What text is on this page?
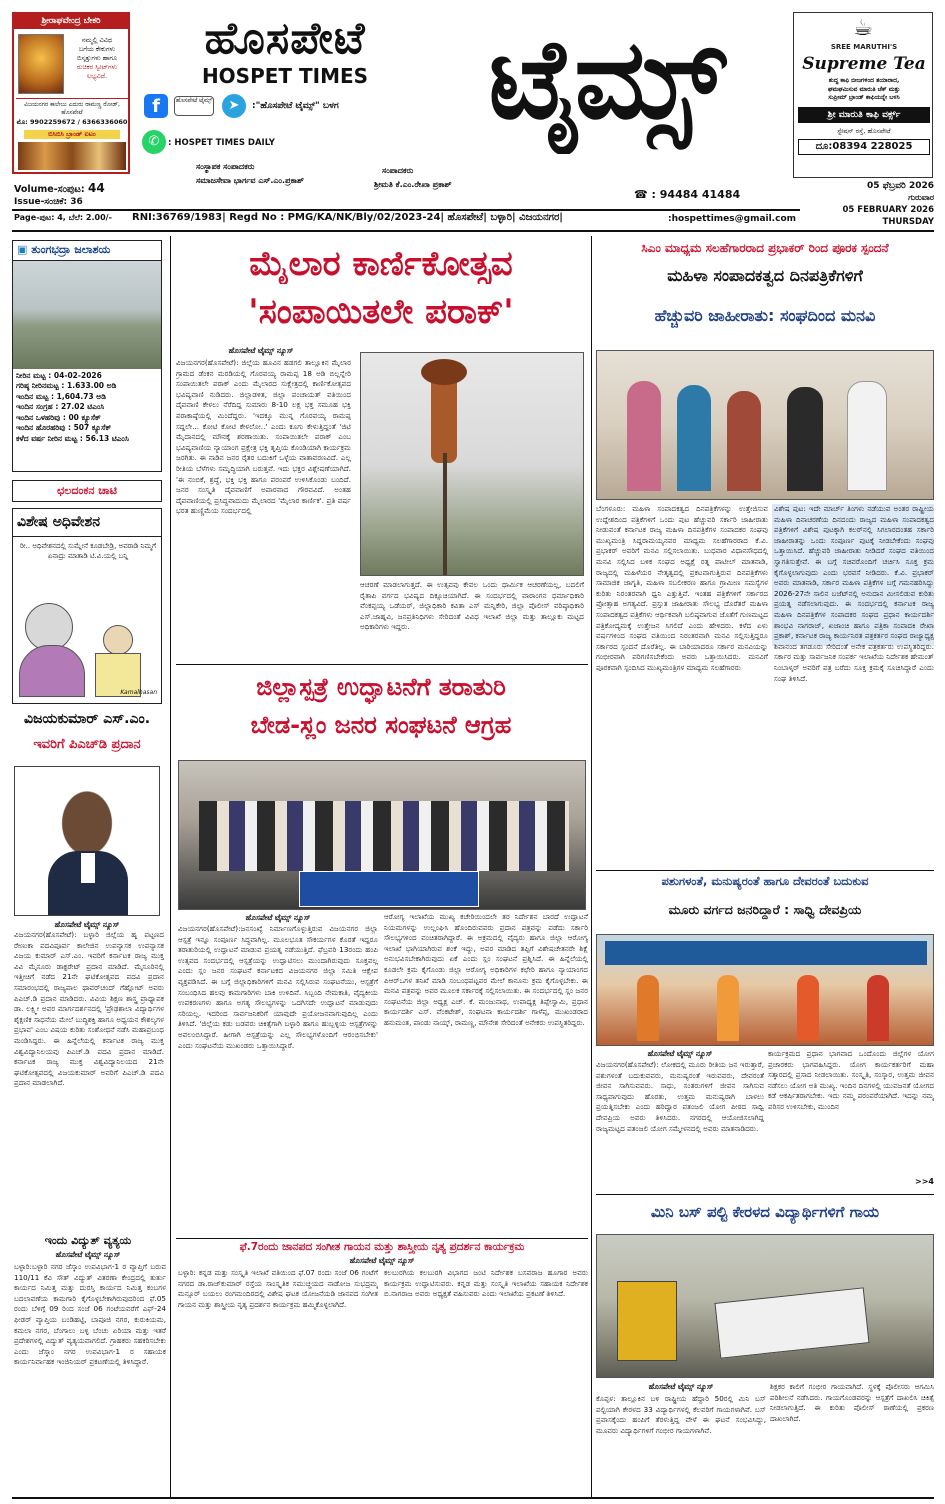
ಶ್ರೀರಾಘವೇಂದ್ರ ಬೇಕರಿ
ನಮ್ಮಲ್ಲಿ ವಿವಿಧ
ಬಗೆಯ ಕೇಕುಗಳು
ಬಿಸ್ಕತ್ತುಗಳು ಹಾಗೂ
ರುಚಿಕರ ಸ್ವೀಟ್‌ಗಳು ಲಭ್ಯವಿದೆ.
ವಿಜಯನಗರ ಕಾಲೇಜು ಎದುರು ರಾಮಣ್ಣ ರೋಡ್, ಹೊಸಪೇಟೆ
ಮೊ: 9902259672 / 6366336060
ಬಿಸಿಬಿಸಿ ಬ್ರಾಂಡ್ ಐಟಂ
ಹೊಸಪೇಟೆ
HOSPET TIMES
f	ಹೊಸಪೇಟೆ ಟೈಮ್ಸ್	➤	:"ಹೊಸಪೇಟೆ ಟೈಮ್ಸ್" ಬಳಗ
✆	: HOSPET TIMES DAILY	ಟೈಮ್ಸ್	☕
SREE MARUTHI'S
Supreme Tea
ಶುದ್ಧ ಕಾಫಿ ಬೀಜಗಳಿಂದ ತಯಾರಾದ,
ಘಮಘಮಿಸುವ ಮಾರುತಿ ಚೆಕ್ ಮತ್ತು
ಸುಪ್ರೀಮ್ ಬ್ರಾಂಡ್ ಕಾಫಿಯನ್ನೇ ಬಳಸಿ
ಶ್ರೀ ಮಾರುತಿ ಕಾಫಿ ವರ್ಕ್ಸ್
ಸ್ಟೇಷನ್ ರಸ್ತೆ, ಹೊಸಪೇಟೆ
ದೂ:08394 228025
ಸಂಸ್ಥಾಪಕ ಸಂಪಾದಕರು
ಸಮಾಜಸೇವಾ ಭಾರ್ಗವ ಎಸ್.ಎಂ.ಪ್ರಕಾಶ್
ಸಂಪಾದಕರು
ಶ್ರೀಮತಿ ಕೆ.ಎಂ.ರೇಖಾ ಪ್ರಕಾಶ್
☎ : 94484 41484
Volume-ಸಂಪುಟ: 44
Issue-ಸಂಚಿಕೆ: 36
05 ಫೆಬ್ರವರಿ 2026
ಗುರುವಾರ
05 FEBRUARY 2026
Page-ಪುಟ: 4, ಬೆಲೆ: 2.00/-	RNI:36769/1983| Regd No : PMG/KA/NK/Bly/02/2023-24| ಹೊಸಪೇಟೆ| ಬಳ್ಳಾರಿ| ವಿಜಯನಗರ|	:hospettimes@gmail.com	THURSDAY
▣ ತುಂಗಭದ್ರಾ ಜಲಾಶಯ
ನೀರಿನ ಮಟ್ಟ : 04-02-2026
ಗರಿಷ್ಠ ನೀರಿನಮಟ್ಟ : 1.633.00 ಅಡಿ
ಇಂದಿನ ಮಟ್ಟ : 1,604.73 ಅಡಿ
ಇಂದಿನ ಸಂಗ್ರಹ : 27.02 ಟಿಎಂಸಿ
ಇಂದಿನ ಒಳಹರಿವು : 00 ಕ್ಯೂಸೆಕ್
ಇಂದಿನ ಹೊರಹರಿವು : 507 ಕ್ಯೂಸೆಕ್
ಕಳೆದ ವರ್ಷ ನೀರಿನ ಮಟ್ಟ : 56.13 ಟಿಎಂಸಿ
ಛಲದಂಕನ ಚಾಟಿ
ವಿಶೇಷ ಅಧಿವೇಶನ
ರೀ.. ಅಧಿವೇಶನದಲ್ಲಿ ಸುಮ್ನೇನೆ ಕೂಡಬೇಡ್ರಿ, ಅವರಾಡಿ ನಿಮ್ಮಗೆ ಏನಾದ್ರು ಮಾತಾಡಿ ಟಿ.ವಿ.ಯಲ್ಲಿ ಬನ್ನಿ
Kamalhasan
ವಿಜಯಕುಮಾರ್ ಎಸ್.ಎಂ.
ಇವರಿಗೆ ಪಿಎಚ್‌ಡಿ ಪ್ರದಾನ
ಹೊಸಪೇಟೆ ಟೈಮ್ಸ್ ನ್ಯೂಸ್
ವಿಜಯನಗರ(ಹೊಸಪೇಟೆ): ಬಳ್ಳಾರಿ ಜಿಲ್ಲೆಯ ಹೃ ಪಟ್ಟಣದ ರೇಣುಕಾ ಪದವಿಪೂರ್ವ ಕಾಲೇಜಿನ ಉಪನ್ಯಾಸಕ ಉಪನ್ಯಾಸಕ ವಿಜಯ ಕುಮಾರ್ ಎಸ್.ಎಂ. ಇವರಿಗೆ ಕರ್ನಾಟಕ ರಾಜ್ಯ ಮುಕ್ತ ವಿವಿ ಮೈಸೂರು ಡಾಕ್ಟರೇಟ್ ಪ್ರದಾನ ಮಾಡಿದೆ. ಮೈಸೂರಿನಲ್ಲಿ ಇತ್ತೀಚಿಗೆ ನಡೆದ 21ನೇ ಘಟಿಕೋತ್ಸವದ ಪದವಿ ಪ್ರದಾನ ಸಮಾರಂಭದಲ್ಲಿ ರಾಜ್ಯಪಾಲ ಥಾವರ್‌ಚಂದ್ ಗೆಹ್ಲೋಟ್ ಅವರು ಪಿಎಚ್.ಡಿ ಪ್ರದಾನ ಮಾಡಿದರು. ವಿವಿಯ ಶಿಕ್ಷಣ ಶಾಸ್ತ್ರ ಪ್ರಾಧ್ಯಾಪಕ ಡಾ. ಲಕ್ಷ್ಮೀ ಅವರ ಮಾರ್ಗದರ್ಶನದಲ್ಲಿ 'ಪ್ರೌಢಶಾಲಾ ವಿದ್ಯಾರ್ಥಿಗಳ ಶೈಕ್ಷಣಿಕ ಸಾಧನೆಯ ಮೇಲೆ ಬುದ್ಧಿಶಕ್ತಿ ಹಾಗೂ ಅಧ್ಯಯನ ಕೌಶಲ್ಯಗಳ ಪ್ರಭಾವ' ಎಂಬ ವಿಷಯ ಕುರಿತು ಸಂಶೋಧನೆ ನಡೆಸಿ ಮಹಾಪ್ರಬಂಧ ಮಂಡಿಸಿದ್ದರು. ಈ ಹಿನ್ನೆಲೆಯಲ್ಲಿ ಕರ್ನಾಟಕ ರಾಜ್ಯ ಮುಕ್ತ ವಿಶ್ವವಿದ್ಯಾನಿಲಯವು ಪಿಎಚ್.ಡಿ ಪದವಿ ಪ್ರದಾನ ಮಾಡಿದೆ. ಕರ್ನಾಟಕ ರಾಜ್ಯ ಮುಕ್ತ ವಿಶ್ವವಿದ್ಯಾನಿಲಯದ 21ನೇ ಘಟಿಕೋತ್ಸವದಲ್ಲಿ ವಿಜಯಕುಮಾರ್ ಅವರಿಗೆ ಪಿಎಚ್.ಡಿ ಪದವಿ ಪ್ರದಾನ ಮಾಡಲಾಗಿದೆ.
ಇಂದು ವಿದ್ಯುತ್ ವ್ಯತ್ಯಯ
ಹೊಸಪೇಟೆ ಟೈಮ್ಸ್ ನ್ಯೂಸ್
ಬಳ್ಳಾರಿ:ಬಳ್ಳಾರಿ ನಗರ ಜೆಸ್ಕಾಂ ಉಪವಿಭಾಗ-1 ರ ವ್ಯಾಪ್ತಿಗೆ ಬರುವ 110/11 ಕೆವಿ ಸೌತ್ ವಿದ್ಯುತ್ ವಿತರಣಾ ಕೇಂದ್ರದಲ್ಲಿ ತುರ್ತು ಕಾರ್ಯದ ನಿಮಿತ್ತ ಮತ್ತು ದುರಸ್ತಿ ಕಾರ್ಯದ ನಿಮಿತ್ತ ಕಂಬಗಳ ಬದಲಾವಣೆಯ ಕಾಮಗಾರಿ ಕೈಗೊಳ್ಳಬೇಕಾಗಿರುವುದರಿಂದ ಫೆ.05 ರಂದು ಬೆಳಿಗ್ಗೆ 09 ರಿಂದ ಸಂಜೆ 06 ಗಂಟೆಯವರೆಗೆ ಎಫ್-24 ಫೀಡರ್ ವ್ಯಾಪ್ತಿಯ ಬಂಡಿಹಟ್ಟಿ, ಬಾಪೂಜಿ ನಗರ, ಕುರುಕಿಯಮ, ಕಮಲಾ ನಗರ, ಬೆಂಗಾಲು ಬಳ್ಳಿ ಬೆಂಚು ಏರಿಯಾ ಮತ್ತು ಇತರೆ ಪ್ರದೇಶಗಳಲ್ಲಿ ವಿದ್ಯುತ್ ವ್ಯತ್ಯಯವಾಗಲಿದೆ. ಗ್ರಾಹಕರು ಸಹಕರಿಸಬೇಕು ಎಂದು ಜೆಸ್ಕಾಂ ನಗರ ಉಪವಿಭಾಗ-1 ರ ಸಹಾಯಕ ಕಾರ್ಯನಿರ್ವಾಹಕ ಇಂಜಿನಿಯರ್ ಪ್ರಕಟಣೆಯಲ್ಲಿ ತಿಳಿಸಿದ್ದಾರೆ.
ಮೈಲಾರ ಕಾರ್ಣಿಕೋತ್ಸವ
'ಸಂಪಾಯಿತಲೇ ಪರಾಕ್'
ಹೊಸಪೇಟೆ ಟೈಮ್ಸ್ ನ್ಯೂಸ್
ವಿಜಯನಗರ(ಹೊಸಪೇಟೆ): ಜಿಲ್ಲೆಯ ಹೂವಿನ ಹಡಗಲಿ ತಾಲ್ಲೂಕಿನ ಮೈಲಾರ ಗ್ರಾಮದ ಡೆಂಕನ ಮರಡಿಯಲ್ಲಿ ಗೊರವಯ್ಯ ರಾಮಪ್ಪ 18 ಅಡಿ ಬಿಲ್ಲನ್ನೇರಿ ಸಂಪಾಯಿತಲೇ ಪರಾಕ್ ಎಂದು ಮೈಲಾರದ ಸುಕ್ಷೇತ್ರದಲ್ಲಿ ಕಾರ್ಣಿಕೋತ್ಸವದ ಭವಿಷ್ಯವಾಣಿ ನುಡಿದರು. ಜಿಲ್ಲಾಡಳಿತ, ಜಿಲ್ಲಾ ಪಂಚಾಯತ್ ವತಿಯಿಂದ ದೈವವಾಣಿ ಕೇಳಲು ನೆರೆದಿದ್ದ ಸುಮಾರು 8-10 ಲಕ್ಷ ಭಕ್ತ ಸಮೂಹ ಭಕ್ತಿ ಪರಾಕಾಷ್ಠೆಯಲ್ಲಿ ಮಿಂದೆದ್ದರು. 'ಇದಕ್ಕೂ ಮುನ್ನ ಗೊರವಯ್ಯ ರಾಮಪ್ಪ ಸದ್ದಲೇ... ಕೋಟಿ ಕೋಟಿ ಕೇಳಲೋ..' ಎಂದು ಕೂಗು ಕೇಳುತ್ತಿದ್ದಂತೆ 'ಜಿಟಿ ಮೈದಾನದಲ್ಲಿ ಮೌನಕ್ಕೆ ಶರಣಾಯಿತು. ಸಂಪಾಯಿತಲೇ ಪರಾಕ್ ಎಂಬ ಭವಿಷ್ಯವಾಣಿಯ ನ್ಯಾಯಾಂಗ ಪ್ರಕ್ಷೇತ್ರ ಭಕ್ತಿ ತೃಪ್ತಿಯ ಕೊಂಡಿಯಾಗಿ ಕಾರ್ಯಕ್ರಮ ಜರಗಿತು. ಈ ನಾಡಿನ ಜನರ ರೈತರ ಬದುಕಿಗೆ ಒಳ್ಳೆಯ ವಾತಾವರಣವಿದೆ. ಎಲ್ಲ ರೀತಿಯ ಬೆಳೆಗಳು ಸಮೃದ್ಧಿಯಾಗಿ ಬರುತ್ತವೆ. ಇದು ಭಕ್ತರ ವಿಶ್ಲೇಷಣೆಯಾಗಿದೆ. 'ಈ ನಂಬಿಕೆ, ಶ್ರದ್ಧೆ, ಭಕ್ತಿ ಭಕ್ತಿ ಹಾಗೂ ಪರಂಪರೆ ಉಳಿಸಿಕೊಂಡು ಬಂದಿದೆ. ಜನರ ಸಂಸ್ಕೃತಿ ದೈವವಾಣಿಗೆ ಅಪಾರವಾದ ಗೌರವವಿದೆ. ಅಂತಹ ದೈವವಾಣಿಯಲ್ಲಿ ಪ್ರಸಿದ್ಧವಾದುದು ಮೈಲಾರದ 'ಮೈಲಾರ ಕಾರ್ಣಿಕ'. ಪ್ರತಿ ವರ್ಷ ಭರತ ಹುಣ್ಣಿಮೆಯ ಸಂದರ್ಭದಲ್ಲಿ
ಆಚರಣೆ ಮಾಡಲಾಗುತ್ತದೆ. ಈ ಉತ್ಸವವು ಕೇವಲ ಒಂದು ಧಾರ್ಮಿಕ ಆಚರಣೆಯಲ್ಲ, ಬದಲಿಗೆ ರೈತಾಪಿ ವರ್ಗದ ಭವಿಷ್ಯದ ದಿಕ್ಸೂಚಿಯಾಗಿದೆ. ಈ ಸಂದರ್ಭದಲ್ಲಿ ವಾರಾಂಗನ ಧರ್ಮಾಧಿಕಾರಿ ವೆಂಕಪ್ಪಯ್ಯ ಒಡೆಯರ್, ಜಿಲ್ಲಾಧಿಕಾರಿ ಕವಿತಾ ಎಸ್ ಮನ್ನಿಕೇರಿ, ಜಿಲ್ಲಾ ಪೊಲೀಸ್ ವರಿಷ್ಠಾಧಿಕಾರಿ ಎಸ್.ಜಾಹ್ನವಿ, ಜನಪ್ರತಿನಿಧಿಗಳು ಸೇರಿದಂತೆ ವಿವಿಧ ಇಲಾಖೆ ಜಿಲ್ಲಾ ಮತ್ತು ತಾಲ್ಲೂಕು ಮಟ್ಟದ ಅಧಿಕಾರಿಗಳು ಇದ್ದರು.
ಜಿಲ್ಲಾಸ್ಪತ್ರೆ ಉದ್ಘಾಟನೆಗೆ ತರಾತುರಿ
ಬೇಡ-ಸ್ಲಂ ಜನರ ಸಂಘಟನೆ ಆಗ್ರಹ
ಹೊಸಪೇಟೆ ಟೈಮ್ಸ್ ನ್ಯೂಸ್
ವಿಜಯನಗರ(ಹೊಸಪೇಟೆ):ಜನಸಂಖ್ಯೆ ನಿರ್ಮಾಣಗೊಳ್ಳುತ್ತಿರುವ ವಿಜಯನಗರ ಜಿಲ್ಲಾ ಆಸ್ಪತ್ರೆ ಇನ್ನೂ ಸಂಪೂರ್ಣ ಸಿದ್ಧವಾಗಿಲ್ಲ. ಮೂಲಭೂತ ಸೌಕರ್ಯಗಳ ಕೊರತೆ ಇದ್ದರೂ ತರಾತುರಿಯಲ್ಲಿ ಉದ್ಘಾಟನೆ ಮಾಡುವ ಪ್ರಯತ್ನ ನಡೆಯುತ್ತಿದೆ. ಫೆಬ್ರವರಿ 13ರಂದು ಹಂಪಿ ಉತ್ಸವದ ಸಂದರ್ಭದಲ್ಲಿ ಆಸ್ಪತ್ರೆಯನ್ನು ಉದ್ಘಾಟಿಸಲು ಮುಂದಾಗಿರುವುದು ಸೂಕ್ತವಲ್ಲ ಎಂದು ಸ್ಲಂ ಜನರ ಸಂಘಟನೆ ಕರ್ನಾಟಕದ ವಿಜಯನಗರ ಜಿಲ್ಲಾ ಸಮಿತಿ ಆಕ್ಷೇಪ ವ್ಯಕ್ತಪಡಿಸಿದೆ. ಈ ಬಗ್ಗೆ ಜಿಲ್ಲಾಧಿಕಾರಿಗಳಿಗೆ ಮನವಿ ಸಲ್ಲಿಸಿರುವ ಸಂಘಟನೆಯು, ಆಸ್ಪತ್ರೆಗೆ ಸಂಬಂಧಿಸಿದ ಹಲವು ಕಾಮಗಾರಿಗಳು ಬಾಕಿ ಉಳಿದಿವೆ. ಸಿಬ್ಬಂದಿ ನೇಮಕಾತಿ, ವೈದ್ಯಕೀಯ ಉಪಕರಣಗಳು ಹಾಗೂ ಅಗತ್ಯ ಸೌಲಭ್ಯಗಳನ್ನು ಒದಗಿಸದೇ ಉದ್ಘಾಟನೆ ಮಾಡುವುದು ಸರಿಯಲ್ಲ. ಇದರಿಂದ ಸಾರ್ವಜನಿಕರಿಗೆ ಯಾವುದೇ ಪ್ರಯೋಜನವಾಗುವುದಿಲ್ಲ ಎಂದು ತಿಳಿಸಿದೆ. 'ಜಿಲ್ಲೆಯ ಕಡು ಬಡವರು ಚಿಕಿತ್ಸೆಗಾಗಿ ಬಳ್ಳಾರಿ ಹಾಗೂ ಹುಬ್ಬಳ್ಳಿಯ ಆಸ್ಪತ್ರೆಗಳನ್ನು ಅವಲಂಬಿಸಿದ್ದಾರೆ. ಹೀಗಾಗಿ ಆಸ್ಪತ್ರೆಯನ್ನು ಎಲ್ಲ ಸೌಲಭ್ಯಗಳೊಂದಿಗೆ ಆರಂಭಿಸಬೇಕು' ಎಂದು ಸಂಘಟನೆಯ ಮುಖಂಡರು ಒತ್ತಾಯಿಸಿದ್ದಾರೆ.
ಆರೋಗ್ಯ ಇಲಾಖೆಯ ಮುಖ್ಯ ಕಚೇರಿಯಿಂದಲೇ ತರ ನಿರ್ದೇಶನ ಬಾರದೆ ಉದ್ಘಾಟನೆ ನಿಯಮಗಳನ್ನು ಉಲ್ಲಂಘಿಸಿ ಹೊಂದಿರುವವರು ಪ್ರದಾನ ಪತ್ರವನ್ನು ಪಡೆದು ಸರ್ಕಾರಿ ಸೌಲಭ್ಯಗಳಿಂದ ವಂಚಿತರಾಗಿದ್ದಾರೆ. ಈ ಅಕ್ರಮದಲ್ಲಿ ವೈದ್ಯರು ಹಾಗೂ ಜಿಲ್ಲಾ ಆರೋಗ್ಯ ಇಲಾಖೆ ಭಾಗಿಯಾಗಿರುವ ಶಂಕೆ ಇದ್ದು, ಅವರ ಮಾಡಿದ ತಪ್ಪಿಗೆ ವಿಶೇಷಚೇತನರೇ ಶಿಕ್ಷೆ ಅನುಭವಿಸಬೇಕಾಗಿರುವುದು ಏಕೆ ಎಂದು ಸ್ಲಂ ಸಂಘಟನೆ ಪ್ರಶ್ನಿಸಿದೆ. ಈ ಹಿನ್ನೆಲೆಯಲ್ಲಿ ಕೂಡಲೇ ಕ್ರಮ ಕೈಗೊಂಡು ಜಿಲ್ಲಾ ಆರೋಗ್ಯ ಅಧಿಕಾರಿಗಳ ಕಛೇರಿ ಹಾಗೂ ನ್ಯಾಯಾಂಗದ ಪಿಆರ್‌ಒಗಳ ತನಿಖೆ ಮಾಡಿ ಸಂಬಂಧಪಟ್ಟವರ ಮೇಲೆ ಕಾನೂನು ಕ್ರಮ ಕೈಗೊಳ್ಳಬೇಕು. ಈ ಮನವಿ ಪತ್ರವನ್ನು ಅವರ ಮೂಲಕ ಸರ್ಕಾರಕ್ಕೆ ಸಲ್ಲಿಸಲಾಯಿತು. ಈ ಸಂದರ್ಭದಲ್ಲಿ ಸ್ಲಂ ಜನರ ಸಂಘಟನೆಯ ಜಿಲ್ಲಾ ಅಧ್ಯಕ್ಷ ಎಚ್. ಕೆ. ಮಂಜುನಾಥ, ಉಪಾಧ್ಯಕ್ಷ ತಿಪ್ಪೇಸ್ವಾಮಿ, ಪ್ರಧಾನ ಕಾರ್ಯದರ್ಶಿ ಎಸ್. ವೆಂಕಟೇಶ್, ಸಂಘಟನಾ ಕಾರ್ಯದರ್ಶಿ ಗಾಳೆಪ್ಪ, ಮುಖಂಡರಾದ ಹನುಮಂತ, ಪಾಂಡು ನಾಯ್ಕ್, ರಾಮಣ್ಣ, ಮೌನೇಶ ಸೇರಿದಂತೆ ಅನೇಕರು ಉಪಸ್ಥಿತರಿದ್ದರು.
ಫೆ.7ರಂದು ಜಾನಪದ ಸಂಗೀತ ಗಾಯನ ಮತ್ತು ಶಾಸ್ತ್ರೀಯ ನೃತ್ಯ ಪ್ರದರ್ಶನ ಕಾರ್ಯಕ್ರಮ
ಹೊಸಪೇಟೆ ಟೈಮ್ಸ್ ನ್ಯೂಸ್
ಬಳ್ಳಾರಿ: ಕನ್ನಡ ಮತ್ತು ಸಂಸ್ಕೃತಿ ಇಲಾಖೆ ವತಿಯಿಂದ ಫೆ.07 ರಂದು ಸಂಜೆ 06 ಗಂಟೆಗೆ ನಗರದ ಡಾ.ರಾಜ್‌ಕುಮಾರ್ ರಸ್ತೆಯ ಸಾಂಸ್ಕೃತಿಕ ಸಮುಚ್ಚಯದ ನಾಡೋಜ ಸುಭದ್ರಮ್ಮ ಮನ್ಸೂರ್ ಬಯಲು ರಂಗಮಂದಿರದಲ್ಲಿ ವಿಶೇಷ ಘಟಕ ಯೋಜನೆಯಡಿ ಜಾನಪದ ಸಂಗೀತ ಗಾಯನ ಮತ್ತು ಶಾಸ್ತ್ರೀಯ ನೃತ್ಯ ಪ್ರದರ್ಶನ ಕಾರ್ಯಕ್ರಮ ಹಮ್ಮಿಕೊಳ್ಳಲಾಗಿದೆ.
ಕಲಬುರಗಿಯ ಕಲಬುರಗಿ ವಿಭಾಗದ ಜಂಟಿ ನಿರ್ದೇಶಕ ಬಸವರಾಜ ಹೂಗಾರ ಅವರು ಕಾರ್ಯಕ್ರಮ ಉದ್ಘಾಟಿಸುವರು. ಕನ್ನಡ ಮತ್ತು ಸಂಸ್ಕೃತಿ ಇಲಾಖೆಯ ಸಹಾಯಕ ನಿರ್ದೇಶಕ ಬಿ.ನಾಗರಾಜ ಅವರು ಅಧ್ಯಕ್ಷತೆ ವಹಿಸುವರು ಎಂದು ಇಲಾಖೆಯ ಪ್ರಕಟಣೆ ತಿಳಿಸಿದೆ.
ಸಿಎಂ ಮಾಧ್ಯಮ ಸಲಹೆಗಾರರಾದ ಪ್ರಭಾಕರ್ ರಿಂದ ಪೂರಕ ಸ್ಪಂದನೆ
ಮಹಿಳಾ ಸಂಪಾದಕತ್ವದ ದಿನಪತ್ರಿಕೆಗಳಿಗೆ
ಹೆಚ್ಚುವರಿ ಜಾಹೀರಾತು: ಸಂಘದಿಂದ ಮನವಿ
ಬೆಂಗಳೂರು: ಮಹಿಳಾ ಸಂಪಾದಕತ್ವದ ದಿನಪತ್ರಿಕೆಗಳನ್ನು ಉತ್ತೇಜಿಸುವ ಉದ್ದೇಶದಿಂದ ಪತ್ರಿಕೆಗಳಿಗೆ ಒಂದು ಪುಟ ಹೆಚ್ಚುವರಿ ಸರ್ಕಾರಿ ಜಾಹೀರಾತು ನೀಡುವಂತೆ ಕರ್ನಾಟಕ ರಾಜ್ಯ ಮಹಿಳಾ ದಿನಪತ್ರಿಕೆಗಳ ಸಂಪಾದಕರ ಸಂಘವು ಮುಖ್ಯಮಂತ್ರಿ ಸಿದ್ದರಾಮಯ್ಯನವರ ಮಾಧ್ಯಮ ಸಲಹೆಗಾರರಾದ ಕೆ.ವಿ. ಪ್ರಭಾಕರ್ ಅವರಿಗೆ ಮನವಿ ಸಲ್ಲಿಸಲಾಯಿತು. ಬುಧವಾರ ವಿಧಾನಸೌಧದಲ್ಲಿ ಮನವಿ ಸಲ್ಲಿಸಿದ ಬಳಿಕ ಸಂಘದ ಅಧ್ಯಕ್ಷೆ ರತ್ನ ಪಾಟೀಲ್ ಮಾತನಾಡಿ, ರಾಜ್ಯದಲ್ಲಿ ಮಹಿಳೆಯರ ನೇತೃತ್ವದಲ್ಲಿ ಪ್ರಕಟವಾಗುತ್ತಿರುವ ದಿನಪತ್ರಿಕೆಗಳು ಸಾಮಾಜಿಕ ಜಾಗೃತಿ, ಮಹಿಳಾ ಸಬಲೀಕರಣ ಹಾಗೂ ಗ್ರಾಮೀಣ ಸಮಸ್ಯೆಗಳ ಕುರಿತು ನಿರಂತರವಾಗಿ ಧ್ವನಿ ಎತ್ತುತ್ತಿವೆ. ಇಂತಹ ಪತ್ರಿಕೆಗಳಿಗೆ ಸರ್ಕಾರದ ಪ್ರೋತ್ಸಾಹ ಅಗತ್ಯವಿದೆ. ಪ್ರಸ್ತುತ ಜಾಹೀರಾತು ಸೌಲಭ್ಯ ದೊರೆತರೆ ಮಹಿಳಾ ಸಂಪಾದಕತ್ವದ ಪತ್ರಿಕೆಗಳು ಆರ್ಥಿಕವಾಗಿ ಬಲಿಷ್ಠವಾಗುವ ಜೊತೆಗೆ ಗುಣಮಟ್ಟದ ಪತ್ರಿಕೋದ್ಯಮಕ್ಕೆ ಉತ್ತೇಜನ ಸಿಗಲಿದೆ ಎಂದು ಹೇಳಿದರು. ಕಳೆದ ಏಳು ವರ್ಷಗಳಿಂದ ಸಂಘದ ವತಿಯಿಂದ ನಿರಂತರವಾಗಿ ಮನವಿ ಸಲ್ಲಿಸುತ್ತಿದ್ದರೂ ಸರ್ಕಾರದ ಸ್ಪಂದನೆ ದೊರೆತಿಲ್ಲ. ಈ ಬಾರಿಯಾದರೂ ಸರ್ಕಾರ ಮನವಿಯನ್ನು ಗಂಭೀರವಾಗಿ ಪರಿಗಣಿಸಬೇಕೆಂದು ಅವರು ಒತ್ತಾಯಿಸಿದರು. ಮನವಿಗೆ ಪೂರಕವಾಗಿ ಸ್ಪಂದಿಸಿದ ಮುಖ್ಯಮಂತ್ರಿಗಳ ಮಾಧ್ಯಮ ಸಲಹೆಗಾರರು
ವಿಶೇಷ ಪುಟ: ಇದೇ ಮಾರ್ಚ್ ತಿಂಗಳು ನಡೆಯುವ ಅಂತರ ರಾಷ್ಟ್ರೀಯ ಮಹಿಳಾ ದಿನಾಚರಣೆಯ ದಿನದಂದು ರಾಜ್ಯದ ಮಹಿಳಾ ಸಂಪಾದಕತ್ವದ ಪತ್ರಿಕೆಗಳಿಗೆ ವಿಶೇಷ ಪುಟಕ್ಕಾಗಿ ಕಲರ್‌ನಲ್ಲಿ ಸಿಗಲಾರದಂತಹ ಸರ್ಕಾರಿ ಜಾಹೀರಾತನ್ನು ಒಂದು ಸಂಪೂರ್ಣ ಪುಟಕ್ಕೆ ನೀಡಬೇಕೆಂದು ಸಂಘವು ಒತ್ತಾಯಿಸಿದೆ. ಹೆಚ್ಚುವರಿ ಜಾಹೀರಾತು ನೀಡಿದರೆ ಸಂಘದ ವತಿಯಿಂದ ಸ್ವಾಗತಿಸುತ್ತೇವೆ. ಈ ಬಗ್ಗೆ ಸಚಿವರೊಂದಿಗೆ ಚರ್ಚಿಸಿ ಸೂಕ್ತ ಕ್ರಮ ಕೈಗೊಳ್ಳಲಾಗುವುದು ಎಂದು ಭರವಸೆ ನೀಡಿದರು. ಕೆ.ವಿ. ಪ್ರಭಾಕರ್ ಅವರು ಮಾತನಾಡಿ, ಸರ್ಕಾರ ಮಹಿಳಾ ಪತ್ರಿಕೆಗಳ ಬಗ್ಗೆ ಗಮನಹರಿಸಿದ್ದು 2026-27ನೇ ಸಾಲಿನ ಬಜೆಟ್‌ನಲ್ಲಿ ಅನುದಾನ ಮೀಸಲಿಡುವ ಕುರಿತು ಪ್ರಯತ್ನ ನಡೆಸಲಾಗುವುದು. ಈ ಸಂದರ್ಭದಲ್ಲಿ ಕರ್ನಾಟಕ ರಾಜ್ಯ ಮಹಿಳಾ ದಿನಪತ್ರಿಕೆಗಳ ಸಂಪಾದಕರ ಸಂಘದ ಪ್ರಧಾನ ಕಾರ್ಯದರ್ಶಿ ಶಾಂಭವಿ ನಾಗರಾಜ್, ಖಜಾಂಚಿ ಹಾಗೂ ಪತ್ರಿಕಾ ಸಂಪಾದಕಿ ರೇಖಾ ಪ್ರಕಾಶ್, ಕರ್ನಾಟಕ ರಾಜ್ಯ ಕಾರ್ಯನಿರತ ಪತ್ರಕರ್ತರ ಸಂಘದ ರಾಜ್ಯಾಧ್ಯಕ್ಷ ಶಿವಾನಂದ ತಗಡೂರು ಸೇರಿದಂತೆ ಅನೇಕ ಪತ್ರಕರ್ತರು ಉಪಸ್ಥಿತರಿದ್ದರು. ಸರ್ಕಾರ ಮತ್ತು ಸಾರ್ವಜನಿಕ ಸಂಪರ್ಕ ಇಲಾಖೆಯ ನಿರ್ದೇಶಕ ಹೇಮಂತ್ ನಿಂಬಾಳ್ಕರ್ ಅವರಿಗೆ ಪತ್ರ ಬರೆದು ಸೂಕ್ತ ಕ್ರಮಕ್ಕೆ ಸೂಚಿಸಿದ್ದಾರೆ ಎಂದು ಸಂಘ ತಿಳಿಸಿದೆ.
ಪಶುಗಳಂತೆ, ಮನುಷ್ಯರಂತೆ ಹಾಗೂ ದೇವರಂತೆ ಬದುಕುವ
ಮೂರು ವರ್ಗದ ಜನರಿದ್ದಾರೆ : ಸಾಧ್ವಿ ದೇವಪ್ರಿಯ
ಹೊಸಪೇಟೆ ಟೈಮ್ಸ್ ನ್ಯೂಸ್
ವಿಜಯನಗರ(ಹೊಸಪೇಟೆ): ಲೋಕದಲ್ಲಿ ಮೂರು ರೀತಿಯ ಜನ ಇರುತ್ತಾರೆ, ಪಶುಗಳಂತೆ ಬದುಕುವವರು, ಮನುಷ್ಯರಂತೆ ಇರುವವರು, ದೇವರಂತೆ ಜೀವನ ಸಾಗಿಸುವವರು. ಸಾಧು, ಸಂತರುಗಳಿಗೆ ಜೀವನ ಸಾಗಿಸುವ ಸಾಧ್ಯವಾಗುವುದು ಹೊರತು, ಉತ್ತಮ ಮನುಷ್ಯರಾಗಿ ಬಾಳಲು ಪ್ರಯತ್ನಿಸಬೇಕು ಎಂದು ಹರಿದ್ವಾರ ಪತಂಜಲಿ ಯೋಗ ಪೀಠದ ಸಾಧ್ವಿ ದೇವಪ್ರಿಯ ಅವರು ತಿಳಿಸಿದರು. ನಗರದಲ್ಲಿ ಆಯೋಜಿಸಲಾಗಿದ್ದ ರಾಜ್ಯಮಟ್ಟದ ಪತಂಜಲಿ ಯೋಗ ಸಮ್ಮೇಳನದಲ್ಲಿ ಅವರು ಮಾತನಾಡಿದರು.
ಕಾರ್ಯಕ್ರಮದ ಪ್ರಧಾನ ಭಾಗವಾದ ಒಂದೊಂದು ಜಿಲ್ಲೆಗಳ ಯೋಗ ಪ್ರಚಾರಕರು ಭಾಗವಹಿಸಿದ್ದರು. ಯೋಗ ಕಾರ್ಯಕರ್ತರಿಗೆ ಮಹಾ ಸತ್ಕಾರದಲ್ಲಿ ಪ್ರಸಾದ ನೀಡಲಾಯಿತು. ಸಂಸ್ಕೃತಿ, ಸಂಸ್ಕಾರ, ಉತ್ತಮ ಜೀವನ ನಡೆಸಲು ಯೋಗ ಅತಿ ಮುಖ್ಯ. ಇಂದಿನ ದಿನಗಳಲ್ಲಿ ಯುವಜನತೆ ಯೋಗದ ಕಡೆ ಆಕರ್ಷಿತರಾಗಬೇಕು. ಇದು ನಮ್ಮ ಪರಂಪರೆಯಾಗಿದೆ. ಇದನ್ನು ನಮ್ಮ ಪರಿಸರ ಉಳಿಸಬೇಕು, ಮುಂದಿನ
>>4
ಮಿನಿ ಬಸ್ ಪಲ್ಟಿ ಕೇರಳದ ವಿದ್ಯಾರ್ಥಿಗಳಿಗೆ ಗಾಯ
ಹೊಸಪೇಟೆ ಟೈಮ್ಸ್ ನ್ಯೂಸ್
ಕೊಪ್ಪಳ: ತಾಲ್ಲೂಕಿನ ಬಳಿ ರಾಷ್ಟ್ರೀಯ ಹೆದ್ದಾರಿ 50ರಲ್ಲಿ ಮಿನಿ ಬಸ್ ಪಲ್ಟಿಯಾಗಿ ಕೇರಳದ 33 ವಿದ್ಯಾರ್ಥಿಗಳಲ್ಲಿ ಕೆಲವರಿಗೆ ಗಾಯಗಳಾಗಿವೆ. ಬಸ್ ಪ್ರವಾಸಕ್ಕೆಂದು ಹಂಪಿಗೆ ತೆರಳುತ್ತಿದ್ದ ವೇಳೆ ಈ ಘಟನೆ ಸಂಭವಿಸಿದ್ದು, ಮೂವರು ವಿದ್ಯಾರ್ಥಿಗಳಿಗೆ ಗಂಭೀರ ಗಾಯಗಳಾಗಿವೆ.
ಶಿಕ್ಷಕರ ಕಾಲಿಗೆ ಗಂಭೀರ ಗಾಯವಾಗಿದೆ. ಸ್ಥಳಕ್ಕೆ ಪೊಲೀಸರು ಆಗಮಿಸಿ ಪರಿಶೀಲನೆ ನಡೆಸಿದರು. ಗಾಯಗೊಂಡವರನ್ನು ಆಸ್ಪತ್ರೆಗೆ ದಾಖಲಿಸಿ ಚಿಕಿತ್ಸೆ ನೀಡಲಾಗುತ್ತಿದೆ. ಈ ಕುರಿತು ಪೊಲೀಸ್ ಠಾಣೆಯಲ್ಲಿ ಪ್ರಕರಣ ದಾಖಲಾಗಿದೆ.
